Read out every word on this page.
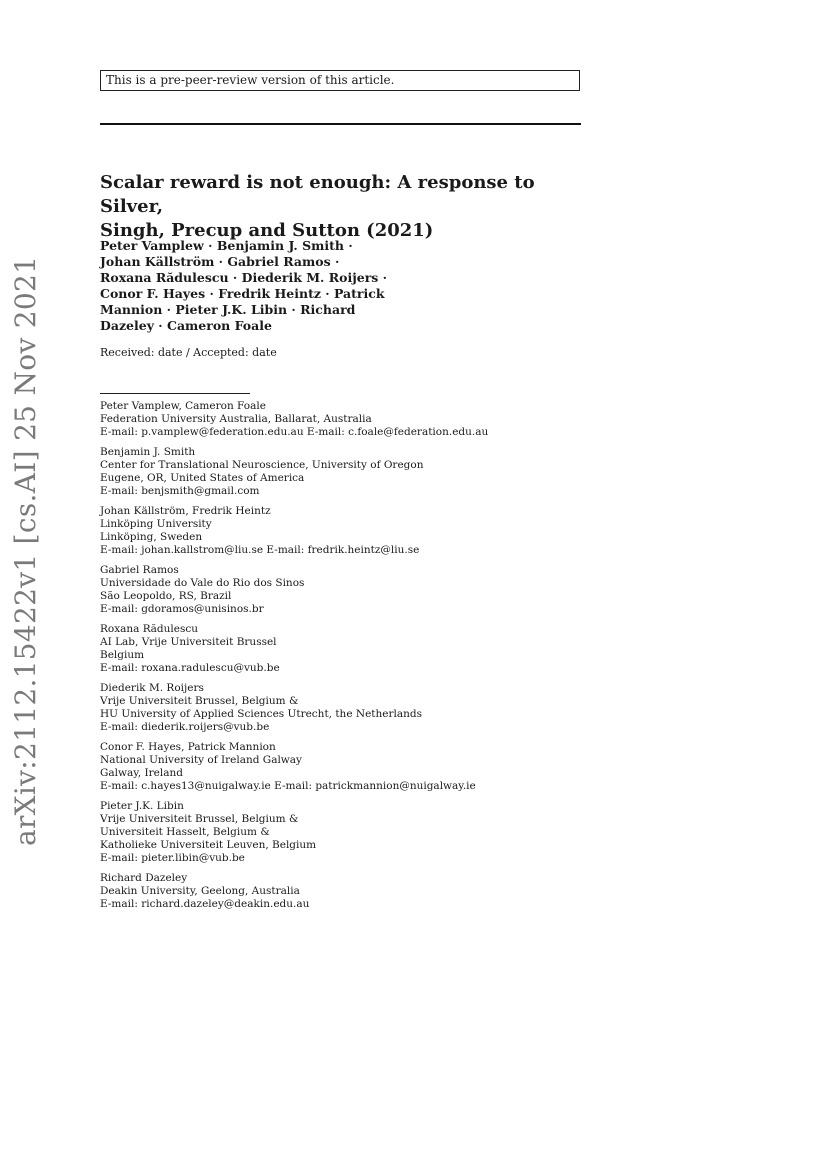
This is a pre-peer-review version of this article.
Scalar reward is not enough: A response to Silver,
Singh, Precup and Sutton (2021)
Peter Vamplew · Benjamin J. Smith ·
Johan Källström · Gabriel Ramos ·
Roxana Rădulescu · Diederik M. Roijers ·
Conor F. Hayes · Fredrik Heintz · Patrick
Mannion · Pieter J.K. Libin · Richard
Dazeley · Cameron Foale
Received: date / Accepted: date
Peter Vamplew, Cameron Foale
Federation University Australia, Ballarat, Australia
E-mail: p.vamplew@federation.edu.au E-mail: c.foale@federation.edu.au
Benjamin J. Smith
Center for Translational Neuroscience, University of Oregon
Eugene, OR, United States of America
E-mail: benjsmith@gmail.com
Johan Källström, Fredrik Heintz
Linköping University
Linköping, Sweden
E-mail: johan.kallstrom@liu.se E-mail: fredrik.heintz@liu.se
Gabriel Ramos
Universidade do Vale do Rio dos Sinos
São Leopoldo, RS, Brazil
E-mail: gdoramos@unisinos.br
Roxana Rădulescu
AI Lab, Vrije Universiteit Brussel
Belgium
E-mail: roxana.radulescu@vub.be
Diederik M. Roijers
Vrije Universiteit Brussel, Belgium &
HU University of Applied Sciences Utrecht, the Netherlands
E-mail: diederik.roijers@vub.be
Conor F. Hayes, Patrick Mannion
National University of Ireland Galway
Galway, Ireland
E-mail: c.hayes13@nuigalway.ie E-mail: patrickmannion@nuigalway.ie
Pieter J.K. Libin
Vrije Universiteit Brussel, Belgium &
Universiteit Hasselt, Belgium &
Katholieke Universiteit Leuven, Belgium
E-mail: pieter.libin@vub.be
Richard Dazeley
Deakin University, Geelong, Australia
E-mail: richard.dazeley@deakin.edu.au
arXiv:2112.15422v1 [cs.AI] 25 Nov 2021
